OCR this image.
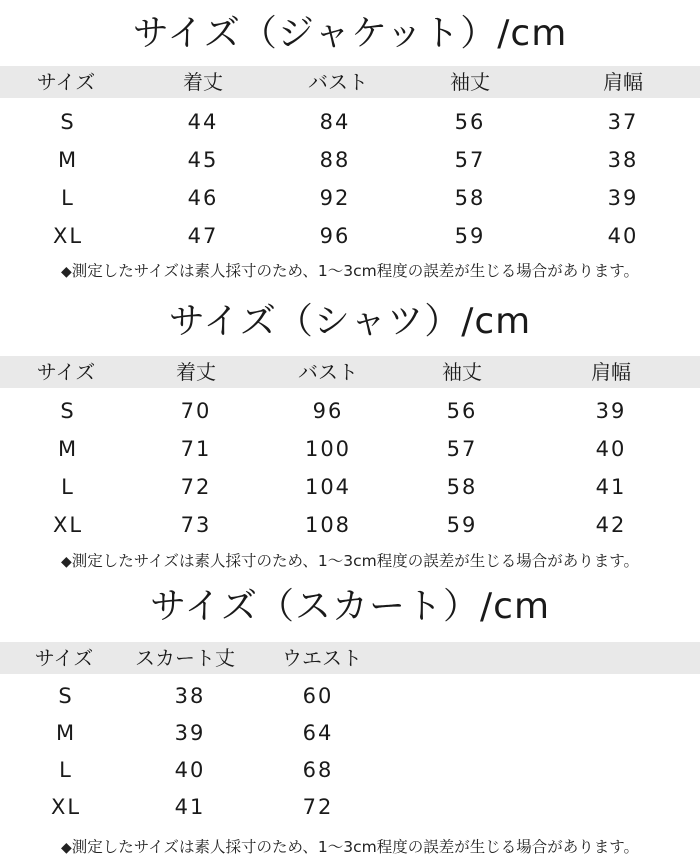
サイズ（ジャケット）/cm
サイズ	着丈	バスト	袖丈	肩幅
S	44	84	56	37
M	45	88	57	38
L	46	92	58	39
XL	47	96	59	40
◆測定したサイズは素人採寸のため、1～3cm程度の誤差が生じる場合があります。
サイズ（シャツ）/cm
サイズ	着丈	バスト	袖丈	肩幅
S	70	96	56	39
M	71	100	57	40
L	72	104	58	41
XL	73	108	59	42
◆測定したサイズは素人採寸のため、1～3cm程度の誤差が生じる場合があります。
サイズ（スカート）/cm
サイズ スカート丈 ウエスト
S	38	60
M	39	64
L	40	68
XL	41	72
◆測定したサイズは素人採寸のため、1～3cm程度の誤差が生じる場合があります。
